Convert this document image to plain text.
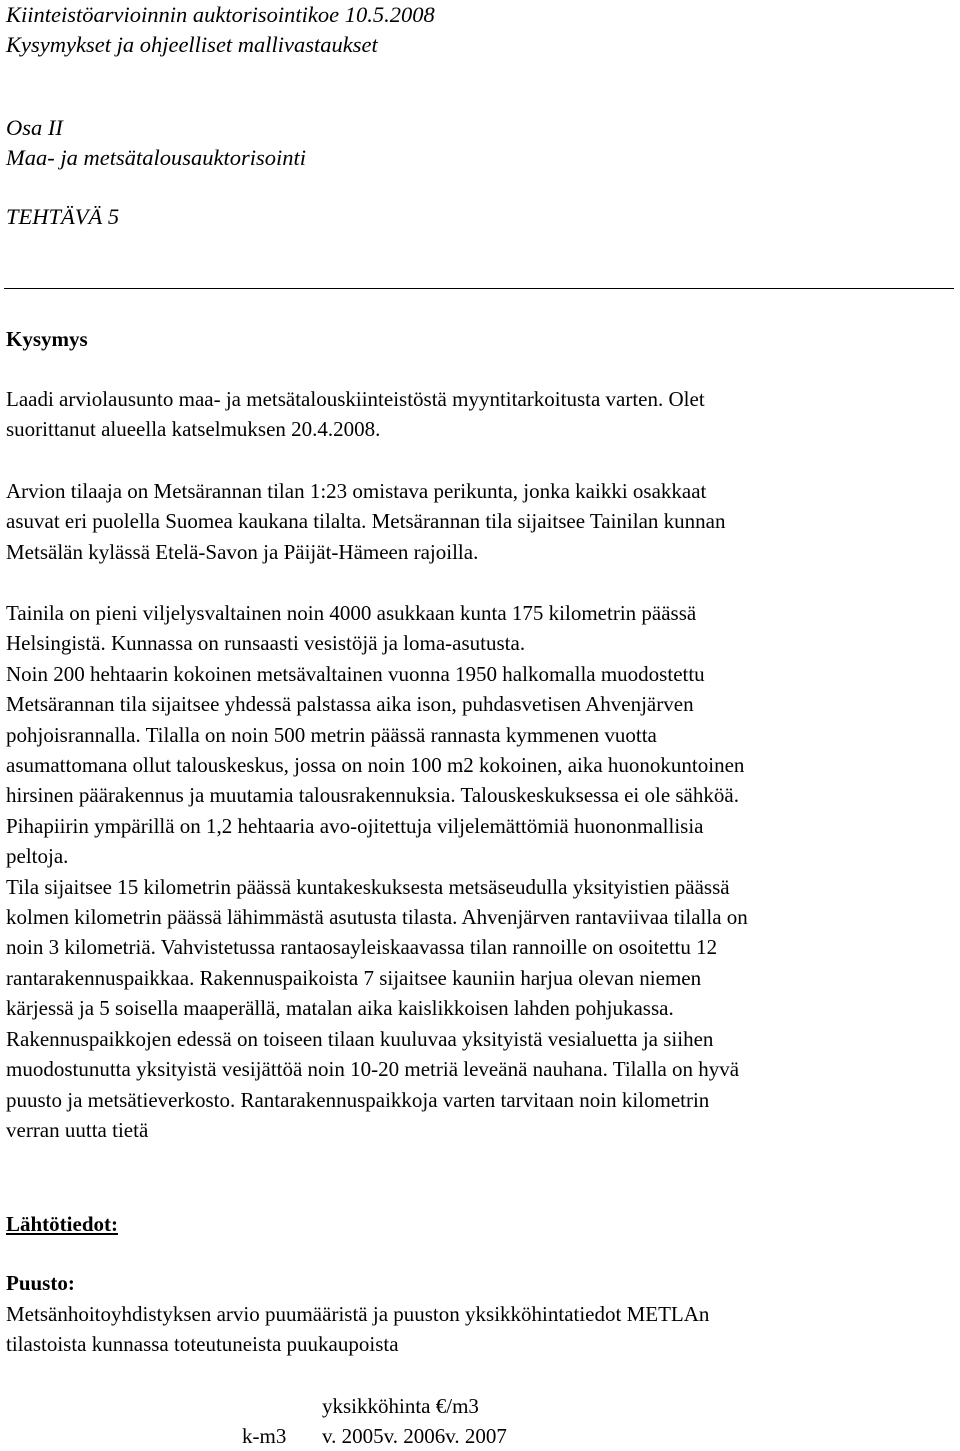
Kiinteistöarvioinnin auktorisointikoe 10.5.2008

Kysymykset ja ohjeelliset mallivastaukset

Osa II

Maa- ja metsätalousauktorisointi

TEHTÄVÄ 5

Kysymys

Laadi arviolausunto maa- ja metsätalouskiinteistöstä myyntitarkoitusta varten. Olet

suorittanut alueella katselmuksen 20.4.2008.

Arvion tilaaja on Metsärannan tilan 1:23 omistava perikunta, jonka kaikki osakkaat

asuvat eri puolella Suomea kaukana tilalta. Metsärannan tila sijaitsee Tainilan kunnan

Metsälän kylässä Etelä-Savon ja Päijät-Hämeen rajoilla.

Tainila on pieni viljelysvaltainen noin 4000 asukkaan kunta 175 kilometrin päässä

Helsingistä. Kunnassa on runsaasti vesistöjä ja loma-asutusta.

Noin 200 hehtaarin kokoinen metsävaltainen vuonna 1950 halkomalla muodostettu

Metsärannan tila sijaitsee yhdessä palstassa aika ison, puhdasvetisen Ahvenjärven

pohjoisrannalla. Tilalla on noin 500 metrin päässä rannasta kymmenen vuotta

asumattomana ollut talouskeskus, jossa on noin 100 m2 kokoinen, aika huonokuntoinen

hirsinen päärakennus ja muutamia talousrakennuksia. Talouskeskuksessa ei ole sähköä.

Pihapiirin ympärillä on 1,2 hehtaaria avo-ojitettuja viljelemättömiä huononmallisia

peltoja.

Tila sijaitsee 15 kilometrin päässä kuntakeskuksesta metsäseudulla yksityistien päässä

kolmen kilometrin päässä lähimmästä asutusta tilasta. Ahvenjärven rantaviivaa tilalla on

noin 3 kilometriä. Vahvistetussa rantaosayleiskaavassa tilan rannoille on osoitettu 12

rantarakennuspaikkaa. Rakennuspaikoista 7 sijaitsee kauniin harjua olevan niemen

kärjessä ja 5 soisella maaperällä, matalan aika kaislikkoisen lahden pohjukassa.

Rakennuspaikkojen edessä on toiseen tilaan kuuluvaa yksityistä vesialuetta ja siihen

muodostunutta yksityistä vesijättöä noin 10-20 metriä leveänä nauhana. Tilalla on hyvä

puusto ja metsätieverkosto. Rantarakennuspaikkoja varten tarvitaan noin kilometrin

verran uutta tietä

Lähtötiedot:

Puusto:

Metsänhoitoyhdistyksen arvio puumääristä ja puuston yksikköhintatiedot METLAn

tilastoista kunnassa toteutuneista puukaupoista

yksikköhinta €/m3

k-m3 v. 2005v. 2006v. 2007
